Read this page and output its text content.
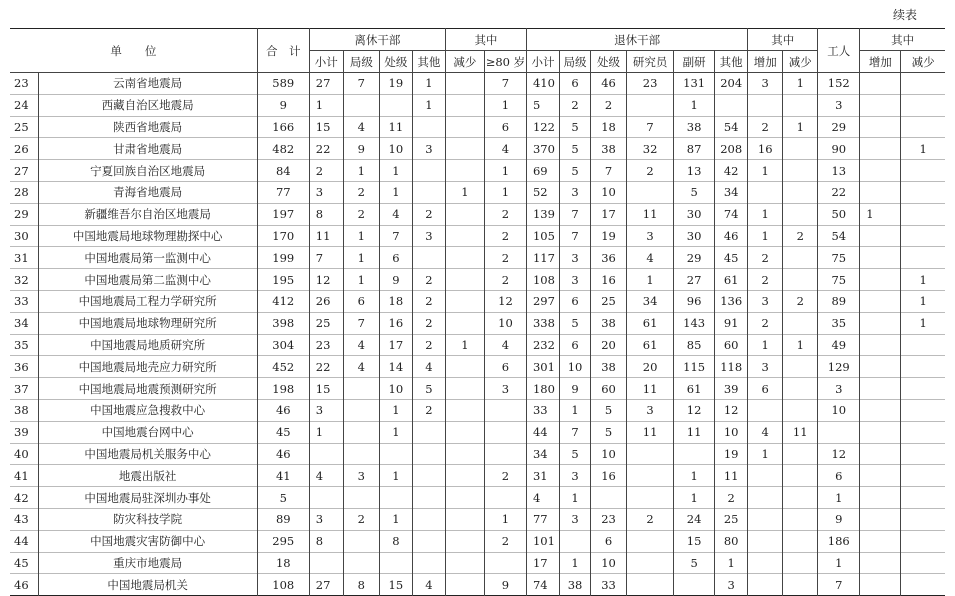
续表
单　　位		合　计	离休干部				其中		退休干部						其中		工人	其中	
			小计	局级	处级	其他	减少	≥80 岁	小计	局级	处级	研究员	副研	其他	增加	减少		增加	减少
23	云南省地震局	589	27	7	19	1		7	410	6	46	23	131	204	3	1	152		
24	西藏自治区地震局	9	1			1		1	5	2	2		1				3		
25	陕西省地震局	166	15	4	11			6	122	5	18	7	38	54	2	1	29		
26	甘肃省地震局	482	22	9	10	3		4	370	5	38	32	87	208	16		90		1
27	宁夏回族自治区地震局	84	2	1	1			1	69	5	7	2	13	42	1		13		
28	青海省地震局	77	3	2	1		1	1	52	3	10		5	34			22		
29	新疆维吾尔自治区地震局	197	8	2	4	2		2	139	7	17	11	30	74	1		50	1	
30	中国地震局地球物理勘探中心	170	11	1	7	3		2	105	7	19	3	30	46	1	2	54		
31	中国地震局第一监测中心	199	7	1	6			2	117	3	36	4	29	45	2		75		
32	中国地震局第二监测中心	195	12	1	9	2		2	108	3	16	1	27	61	2		75		1
33	中国地震局工程力学研究所	412	26	6	18	2		12	297	6	25	34	96	136	3	2	89		1
34	中国地震局地球物理研究所	398	25	7	16	2		10	338	5	38	61	143	91	2		35		1
35	中国地震局地质研究所	304	23	4	17	2	1	4	232	6	20	61	85	60	1	1	49		
36	中国地震局地壳应力研究所	452	22	4	14	4		6	301	10	38	20	115	118	3		129		
37	中国地震局地震预测研究所	198	15		10	5		3	180	9	60	11	61	39	6		3		
38	中国地震应急搜救中心	46	3		1	2			33	1	5	3	12	12			10		
39	中国地震台网中心	45	1		1				44	7	5	11	11	10	4	11			
40	中国地震局机关服务中心	46							34	5	10			19	1		12		
41	地震出版社	41	4	3	1			2	31	3	16		1	11			6		
42	中国地震局驻深圳办事处	5							4	1			1	2			1		
43	防灾科技学院	89	3	2	1			1	77	3	23	2	24	25			9		
44	中国地震灾害防御中心	295	8		8			2	101		6		15	80			186		
45	重庆市地震局	18							17	1	10		5	1			1		
46	中国地震局机关	108	27	8	15	4		9	74	38	33			3			7		
